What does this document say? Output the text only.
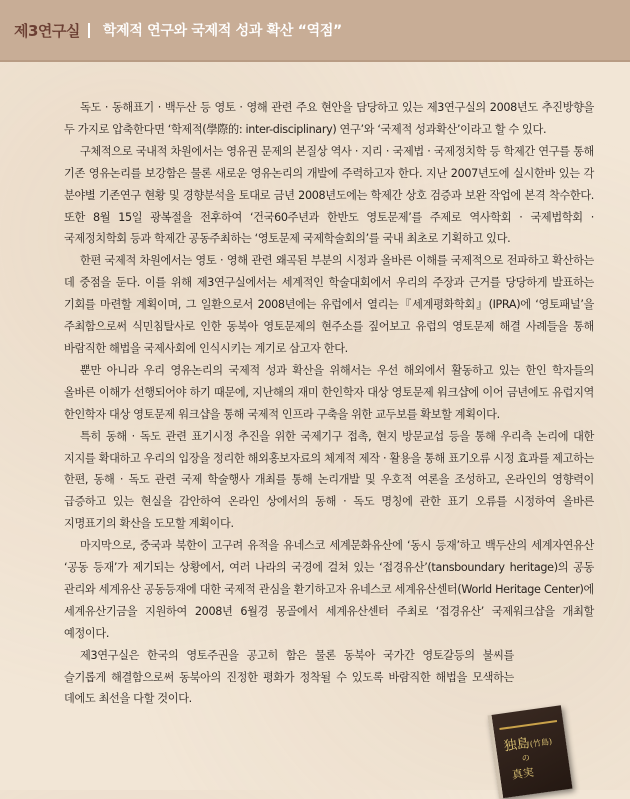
제3연구실 학제적 연구와 국제적 성과 확산 “역점”

독도 · 동해표기 · 백두산 등 영토 · 영해 관련 주요 현안을 담당하고 있는 제3연구실의 2008년도 추진방향을 두 가지로 압축한다면 ‘학제적(學際的: inter-disciplinary) 연구’와 ‘국제적 성과확산’이라고 할 수 있다.

구체적으로 국내적 차원에서는 영유권 문제의 본질상 역사 · 지리 · 국제법 · 국제정치학 등 학제간 연구를 통해 기존 영유논리를 보강함은 물론 새로운 영유논리의 개발에 주력하고자 한다. 지난 2007년도에 실시한바 있는 각 분야별 기존연구 현황 및 경향분석을 토대로 금년 2008년도에는 학제간 상호 검증과 보완 작업에 본격 착수한다. 또한 8월 15일 광복절을 전후하여 ‘건국60주년과 한반도 영토문제’를 주제로 역사학회 · 국제법학회 · 국제정치학회 등과 학제간 공동주최하는 ‘영토문제 국제학술회의’를 국내 최초로 기획하고 있다.

한편 국제적 차원에서는 영토 · 영해 관련 왜곡된 부분의 시정과 올바른 이해를 국제적으로 전파하고 확산하는 데 중점을 둔다. 이를 위해 제3연구실에서는 세계적인 학술대회에서 우리의 주장과 근거를 당당하게 발표하는 기회를 마련할 계획이며, 그 일환으로서 2008년에는 유럽에서 열리는『세계평화학회』(IPRA)에 ‘영토패널’을 주최함으로써 식민침탈사로 인한 동북아 영토문제의 현주소를 짚어보고 유럽의 영토문제 해결 사례들을 통해 바람직한 해법을 국제사회에 인식시키는 계기로 삼고자 한다.

뿐만 아니라 우리 영유논리의 국제적 성과 확산을 위해서는 우선 해외에서 활동하고 있는 한인 학자들의 올바른 이해가 선행되어야 하기 때문에, 지난해의 재미 한인학자 대상 영토문제 워크샵에 이어 금년에도 유럽지역 한인학자 대상 영토문제 워크샵을 통해 국제적 인프라 구축을 위한 교두보를 확보할 계획이다.

특히 동해 · 독도 관련 표기시정 추진을 위한 국제기구 접촉, 현지 방문교섭 등을 통해 우리측 논리에 대한 지지를 확대하고 우리의 입장을 정리한 해외홍보자료의 체계적 제작 · 활용을 통해 표기오류 시정 효과를 제고하는 한편, 동해 · 독도 관련 국제 학술행사 개최를 통해 논리개발 및 우호적 여론을 조성하고, 온라인의 영향력이 급증하고 있는 현실을 감안하여 온라인 상에서의 동해 · 독도 명칭에 관한 표기 오류를 시정하여 올바른 지명표기의 확산을 도모할 계획이다.

마지막으로, 중국과 북한이 고구려 유적을 유네스코 세계문화유산에 ‘동시 등재’하고 백두산의 세계자연유산 ‘공동 등재’가 제기되는 상황에서, 여러 나라의 국경에 걸쳐 있는 ‘접경유산’(tansboundary heritage)의 공동 관리와 세계유산 공동등재에 대한 국제적 관심을 환기하고자 유네스코 세계유산센터(World Heritage Center)에 세계유산기금을 지원하여 2008년 6월경 몽골에서 세계유산센터 주최로 ‘접경유산’ 국제워크샵을 개최할 예정이다.

제3연구실은 한국의 영토주권을 공고히 함은 물론 동북아 국가간 영토갈등의 불씨를 슬기롭게 해결함으로써 동북아의 진정한 평화가 정착될 수 있도록 바람직한 해법을 모색하는 데에도 최선을 다할 것이다.

独島(竹島)
の
真実
